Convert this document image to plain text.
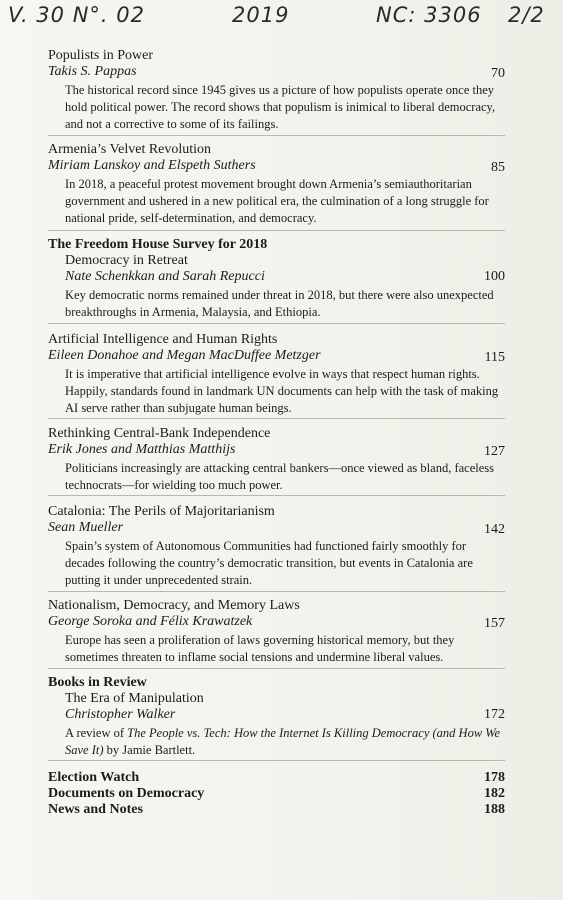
V. 30 N°. 02	2019	NC: 3306 2/2
Populists in Power
Takis S. Pappas	70
The historical record since 1945 gives us a picture of how populists operate once they hold political power. The record shows that populism is inimical to liberal democracy, and not a corrective to some of its failings.
Armenia’s Velvet Revolution
Miriam Lanskoy and Elspeth Suthers	85
In 2018, a peaceful protest movement brought down Armenia’s semiauthoritarian government and ushered in a new political era, the culmination of a long struggle for national pride, self-determination, and democracy.
The Freedom House Survey for 2018
Democracy in Retreat
Nate Schenkkan and Sarah Repucci	100
Key democratic norms remained under threat in 2018, but there were also unexpected breakthroughs in Armenia, Malaysia, and Ethiopia.
Artificial Intelligence and Human Rights
Eileen Donahoe and Megan MacDuffee Metzger	115
It is imperative that artificial intelligence evolve in ways that respect human rights. Happily, standards found in landmark UN documents can help with the task of making AI serve rather than subjugate human beings.
Rethinking Central-Bank Independence
Erik Jones and Matthias Matthijs	127
Politicians increasingly are attacking central bankers—once viewed as bland, faceless technocrats—for wielding too much power.
Catalonia: The Perils of Majoritarianism
Sean Mueller	142
Spain’s system of Autonomous Communities had functioned fairly smoothly for decades following the country’s democratic transition, but events in Catalonia are putting it under unprecedented strain.
Nationalism, Democracy, and Memory Laws
George Soroka and Félix Krawatzek	157
Europe has seen a proliferation of laws governing historical memory, but they sometimes threaten to inflame social tensions and undermine liberal values.
Books in Review
The Era of Manipulation
Christopher Walker	172
A review of The People vs. Tech: How the Internet Is Killing Democracy (and How We Save It) by Jamie Bartlett.
Election Watch	178
Documents on Democracy	182
News and Notes	188
